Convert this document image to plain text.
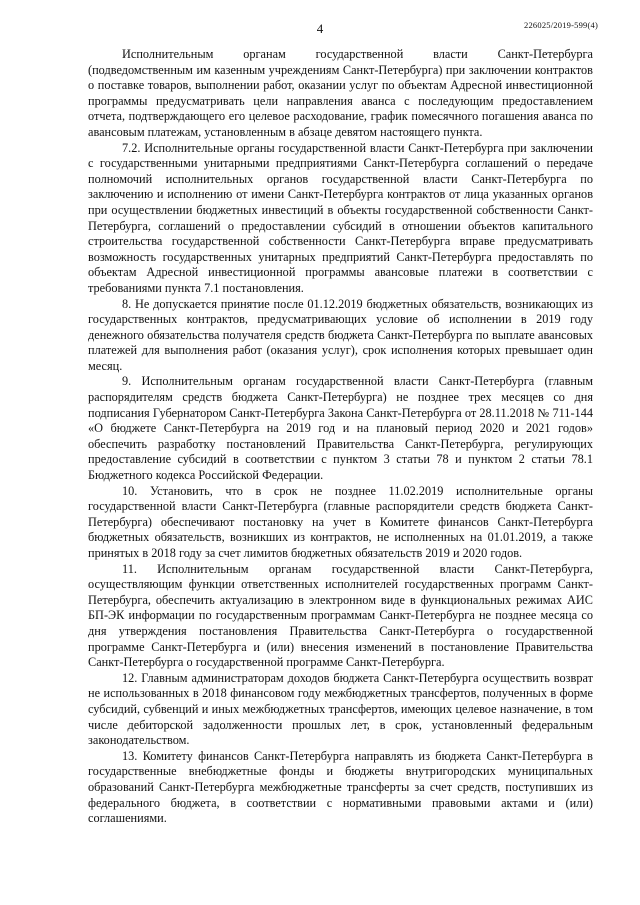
4	226025/2019-599(4)

Исполнительным органам государственной власти Санкт-Петербурга (подведомственным им казенным учреждениям Санкт-Петербурга) при заключении контрактов о поставке товаров, выполнении работ, оказании услуг по объектам Адресной инвестиционной программы предусматривать цели направления аванса с последующим предоставлением отчета, подтверждающего его целевое расходование, график помесячного погашения аванса по авансовым платежам, установленным в абзаце девятом настоящего пункта.

7.2. Исполнительные органы государственной власти Санкт-Петербурга при заключении с государственными унитарными предприятиями Санкт-Петербурга соглашений о передаче полномочий исполнительных органов государственной власти Санкт-Петербурга по заключению и исполнению от имени Санкт-Петербурга контрактов от лица указанных органов при осуществлении бюджетных инвестиций в объекты государственной собственности Санкт-Петербурга, соглашений о предоставлении субсидий в отношении объектов капитального строительства государственной собственности Санкт-Петербурга вправе предусматривать возможность государственных унитарных предприятий Санкт-Петербурга предоставлять по объектам Адресной инвестиционной программы авансовые платежи в соответствии с требованиями пункта 7.1 постановления.

8. Не допускается принятие после 01.12.2019 бюджетных обязательств, возникающих из государственных контрактов, предусматривающих условие об исполнении в 2019 году денежного обязательства получателя средств бюджета Санкт-Петербурга по выплате авансовых платежей для выполнения работ (оказания услуг), срок исполнения которых превышает один месяц.

9. Исполнительным органам государственной власти Санкт-Петербурга (главным распорядителям средств бюджета Санкт-Петербурга) не позднее трех месяцев со дня подписания Губернатором Санкт-Петербурга Закона Санкт-Петербурга от 28.11.2018 № 711-144 «О бюджете Санкт-Петербурга на 2019 год и на плановый период 2020 и 2021 годов» обеспечить разработку постановлений Правительства Санкт-Петербурга, регулирующих предоставление субсидий в соответствии с пунктом 3 статьи 78 и пунктом 2 статьи 78.1 Бюджетного кодекса Российской Федерации.

10. Установить, что в срок не позднее 11.02.2019 исполнительные органы государственной власти Санкт-Петербурга (главные распорядители средств бюджета Санкт-Петербурга) обеспечивают постановку на учет в Комитете финансов Санкт-Петербурга бюджетных обязательств, возникших из контрактов, не исполненных на 01.01.2019, а также принятых в 2018 году за счет лимитов бюджетных обязательств 2019 и 2020 годов.

11. Исполнительным органам государственной власти Санкт-Петербурга, осуществляющим функции ответственных исполнителей государственных программ Санкт-Петербурга, обеспечить актуализацию в электронном виде в функциональных режимах АИС БП-ЭК информации по государственным программам Санкт-Петербурга не позднее месяца со дня утверждения постановления Правительства Санкт-Петербурга о государственной программе Санкт-Петербурга и (или) внесения изменений в постановление Правительства Санкт-Петербурга о государственной программе Санкт-Петербурга.

12. Главным администраторам доходов бюджета Санкт-Петербурга осуществить возврат не использованных в 2018 финансовом году межбюджетных трансфертов, полученных в форме субсидий, субвенций и иных межбюджетных трансфертов, имеющих целевое назначение, в том числе дебиторской задолженности прошлых лет, в срок, установленный федеральным законодательством.

13. Комитету финансов Санкт-Петербурга направлять из бюджета Санкт-Петербурга в государственные внебюджетные фонды и бюджеты внутригородских муниципальных образований Санкт-Петербурга межбюджетные трансферты за счет средств, поступивших из федерального бюджета, в соответствии с нормативными правовыми актами и (или) соглашениями.
